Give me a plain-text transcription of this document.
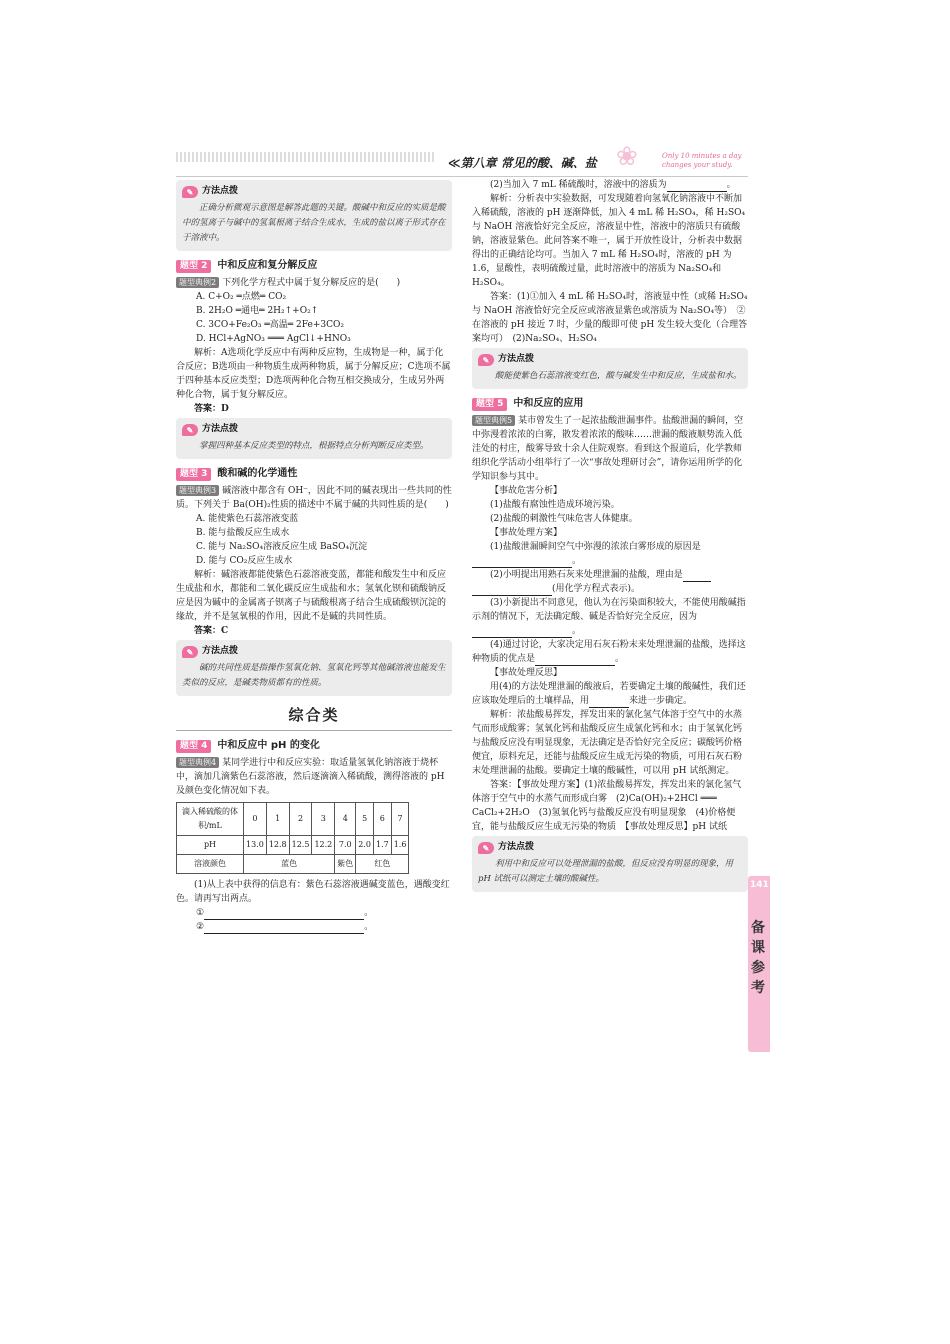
❀
≪第八章 常见的酸、碱、盐	Only 10 minutes a day changes your study.
✎ 方法点拨

正确分析微观示意图是解答此题的关键。酸碱中和反应的实质是酸中的氢离子与碱中的氢氧根离子结合生成水，生成的盐以离子形式存在于溶液中。

题型 2	中和反应和复分解反应

题型典例2 下列化学方程式中属于复分解反应的是(　　)

A. C+O₂ ═点燃═ CO₂

B. 2H₂O ═通电═ 2H₂↑+O₂↑

C. 3CO+Fe₂O₃ ═高温═ 2Fe+3CO₂

D. HCl+AgNO₃ ═══ AgCl↓+HNO₃

解析：A选项化学反应中有两种反应物，生成物是一种，属于化合反应；B选项由一种物质生成两种物质，属于分解反应；C选项不属于四种基本反应类型；D选项两种化合物互相交换成分，生成另外两种化合物，属于复分解反应。

答案：D

✎ 方法点拨

掌握四种基本反应类型的特点，根据特点分析判断反应类型。

题型 3	酸和碱的化学通性

题型典例3 碱溶液中都含有 OH⁻，因此不同的碱表现出一些共同的性质。下列关于 Ba(OH)₂性质的描述中不属于碱的共同性质的是(　　)

A. 能使紫色石蕊溶液变蓝

B. 能与盐酸反应生成水

C. 能与 Na₂SO₄溶液反应生成 BaSO₄沉淀

D. 能与 CO₂反应生成水

解析：碱溶液都能使紫色石蕊溶液变蓝，都能和酸发生中和反应生成盐和水，都能和二氧化碳反应生成盐和水；氢氧化钡和硫酸钠反应是因为碱中的金属离子钡离子与硫酸根离子结合生成硫酸钡沉淀的缘故，并不是氢氧根的作用，因此不是碱的共同性质。

答案：C

✎ 方法点拨

碱的共同性质是指操作氢氧化钠、氢氧化钙等其他碱溶液也能发生类似的反应，是碱类物质都有的性质。

综合类
题型 4	中和反应中 pH 的变化

题型典例4 某同学进行中和反应实验：取适量氢氧化钠溶液于烧杯中，滴加几滴紫色石蕊溶液，然后逐滴滴入稀硫酸，测得溶液的 pH 及颜色变化情况如下表。

滴入稀硫酸的体积/mL	0	1	2	3	4	5	6	7
pH	13.0	12.8	12.5	12.2	7.0	2.0	1.7	1.6
溶液颜色	蓝色				紫色	红色		

(1)从上表中获得的信息有：紫色石蕊溶液遇碱变蓝色，遇酸变红色。请再写出两点。

①	。

②	。

(2)当加入 7 mL 稀硫酸时，溶液中的溶质为	。

解析：分析表中实验数据，可发现随着向氢氧化钠溶液中不断加入稀硫酸，溶液的 pH 逐渐降低，加入 4 mL 稀 H₂SO₄，稀 H₂SO₄与 NaOH 溶液恰好完全反应，溶液显中性，溶液中的溶质只有硫酸钠，溶液显紫色。此问答案不唯一，属于开放性设计，分析表中数据得出的正确结论均可。当加入 7 mL 稀 H₂SO₄时，溶液的 pH 为 1.6，显酸性，表明硫酸过量，此时溶液中的溶质为 Na₂SO₄和 H₂SO₄。

答案：(1)①加入 4 mL 稀 H₂SO₄时，溶液显中性（或稀 H₂SO₄与 NaOH 溶液恰好完全反应或溶液显紫色或溶质为 Na₂SO₄等）　②在溶液的 pH 接近 7 时，少量的酸即可使 pH 发生较大变化（合理答案均可）　(2)Na₂SO₄、H₂SO₄

✎ 方法点拨

酸能使紫色石蕊溶液变红色，酸与碱发生中和反应，生成盐和水。

题型 5	中和反应的应用

题型典例5 某市曾发生了一起浓盐酸泄漏事件。盐酸泄漏的瞬间，空中弥漫着浓浓的白雾，散发着浓浓的酸味……泄漏的酸液顺势流入低洼处的村庄，酸雾导致十余人住院观察。看到这个报道后，化学教师组织化学活动小组举行了一次“事故处理研讨会”，请你运用所学的化学知识参与其中。

【事故危害分析】

(1)盐酸有腐蚀性造成环境污染。

(2)盐酸的刺激性气味危害人体健康。

【事故处理方案】

(1)盐酸泄漏瞬间空气中弥漫的浓浓白雾形成的原因是。

(2)小明提出用熟石灰来处理泄漏的盐酸，理由是
(用化学方程式表示)。

(3)小新提出不同意见，他认为在污染面积较大，不能使用酸碱指示剂的情况下，无法确定酸、碱是否恰好完全反应，因为。

(4)通过讨论，大家决定用石灰石粉末来处理泄漏的盐酸，选择这种物质的优点是	。

【事故处理反思】

用(4)的方法处理泄漏的酸液后，若要确定土壤的酸碱性，我们还应该取处理后的土壤样品，用	来进一步确定。

解析：浓盐酸易挥发，挥发出来的氯化氢气体溶于空气中的水蒸气而形成酸雾；氢氧化钙和盐酸反应生成氯化钙和水；由于氢氧化钙与盐酸反应没有明显现象，无法确定是否恰好完全反应；碳酸钙价格便宜，原料充足，还能与盐酸反应生成无污染的物质，可用石灰石粉末处理泄漏的盐酸。要确定土壤的酸碱性，可以用 pH 试纸测定。

答案：【事故处理方案】(1)浓盐酸易挥发，挥发出来的氯化氢气体溶于空气中的水蒸气而形成白雾　(2)Ca(OH)₂+2HCl ═══ CaCl₂+2H₂O　(3)氢氧化钙与盐酸反应没有明显现象　(4)价格便宜，能与盐酸反应生成无污染的物质　【事故处理反思】pH 试纸

✎ 方法点拨

利用中和反应可以处理泄漏的盐酸，但反应没有明显的现象，用 pH 试纸可以测定土壤的酸碱性。

141
备课参考
